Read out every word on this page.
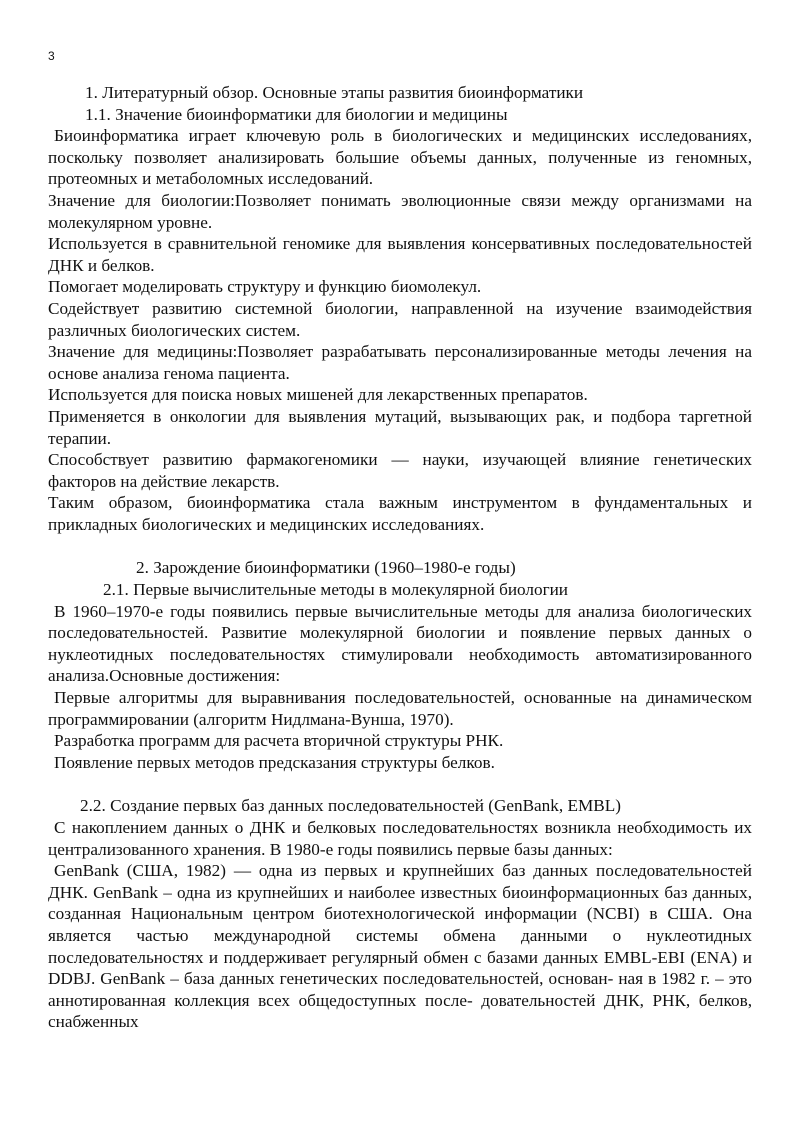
3

1. Литературный обзор. Основные этапы развития биоинформатики

1.1. Значение биоинформатики для биологии и медицины

Биоинформатика играет ключевую роль в биологических и медицинских исследованиях, поскольку позволяет анализировать большие объемы данных, полученные из геномных, протеомных и метаболомных исследований.

Значение для биологии:Позволяет понимать эволюционные связи между организмами на молекулярном уровне.

Используется в сравнительной геномике для выявления консервативных последовательностей ДНК и белков.

Помогает моделировать структуру и функцию биомолекул.

Содействует развитию системной биологии, направленной на изучение взаимодействия различных биологических систем.

Значение для медицины:Позволяет разрабатывать персонализированные методы лечения на основе анализа генома пациента.

Используется для поиска новых мишеней для лекарственных препаратов.

Применяется в онкологии для выявления мутаций, вызывающих рак, и подбора таргетной терапии.

Способствует развитию фармакогеномики — науки, изучающей влияние генетических факторов на действие лекарств.

Таким образом, биоинформатика стала важным инструментом в фундаментальных и прикладных биологических и медицинских исследованиях.

2. Зарождение биоинформатики (1960–1980-е годы)

2.1. Первые вычислительные методы в молекулярной биологии

В 1960–1970-е годы появились первые вычислительные методы для анализа биологических последовательностей. Развитие молекулярной биологии и появление первых данных о нуклеотидных последовательностях стимулировали необходимость автоматизированного анализа.Основные достижения:

Первые алгоритмы для выравнивания последовательностей, основанные на динамическом программировании (алгоритм Нидлмана-Вунша, 1970).

Разработка программ для расчета вторичной структуры РНК.

Появление первых методов предсказания структуры белков.

2.2. Создание первых баз данных последовательностей (GenBank, EMBL)

С накоплением данных о ДНК и белковых последовательностях возникла необходимость их централизованного хранения. В 1980-е годы появились первые базы данных:

GenBank (США, 1982) — одна из первых и крупнейших баз данных последовательностей ДНК. GenBank – одна из крупнейших и наиболее известных биоинформационных баз данных, созданная Национальным центром биотехнологической информации (NCBI) в США. Она является частью международной системы обмена данными о нуклеотидных последовательностях и поддерживает регулярный обмен с базами данных EMBL-EBI (ENA) и DDBJ. GenBank – база данных генетических последовательностей, основан- ная в 1982 г. – это аннотированная коллекция всех общедоступных после- довательностей ДНК, РНК, белков, снабженных
